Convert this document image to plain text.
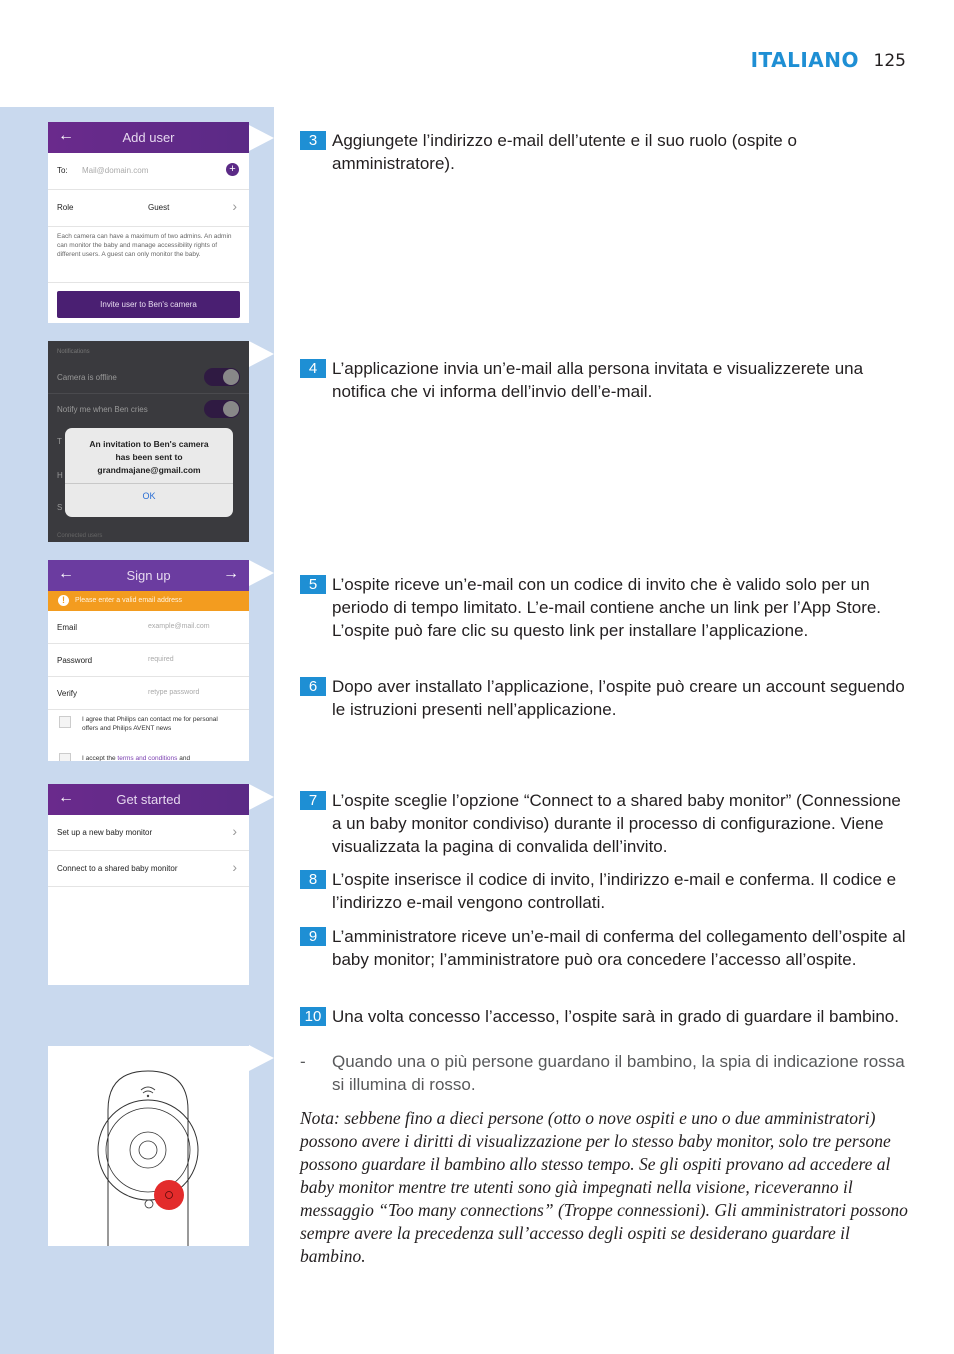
ITALIANO 125
←	Add user
To: Mail@domain.com	+
Role	Guest	›
Each camera can have a maximum of two admins. An admin can monitor the baby and manage accessibility rights of different users. A guest can only monitor the baby.
Invite user to Ben's camera
Notifications
Camera is offline
Notify me when Ben cries
T
H
S
Connected users
An invitation to Ben's camera
has been sent to
grandmajane@gmail.com
OK
←	Sign up	→
!	Please enter a valid email address
Email	example@mail.com
Password	required
Verify	retype password
I agree that Philips can contact me for personal offers and Philips AVENT news
I accept the terms and conditions and
←	Get started
Set up a new baby monitor	›
Connect to a shared baby monitor	›
3 Aggiungete l’indirizzo e-mail dell’utente e il suo ruolo (ospite o amministratore).
4 L’applicazione invia un’e-mail alla persona invitata e visualizzerete una notifica che vi informa dell’invio dell’e-mail.
5 L’ospite riceve un’e-mail con un codice di invito che è valido solo per un periodo di tempo limitato. L’e-mail contiene anche un link per l’App Store. L’ospite può fare clic su questo link per installare l’applicazione.
6 Dopo aver installato l’applicazione, l’ospite può creare un account seguendo le istruzioni presenti nell’applicazione.
7 L’ospite sceglie l’opzione “Connect to a shared baby monitor” (Connessione a un baby monitor condiviso) durante il processo di configurazione. Viene visualizzata la pagina di convalida dell’invito.
8 L’ospite inserisce il codice di invito, l’indirizzo e-mail e conferma. Il codice e l’indirizzo e-mail vengono controllati.
9 L’amministratore riceve un’e-mail di conferma del collegamento dell’ospite al baby monitor; l’amministratore può ora concedere l’accesso all’ospite.
10 Una volta concesso l’accesso, l’ospite sarà in grado di guardare il bambino.
- Quando una o più persone guardano il bambino, la spia di indicazione rossa si illumina di rosso.
Nota: sebbene fino a dieci persone (otto o nove ospiti e uno o due amministratori) possono avere i diritti di visualizzazione per lo stesso baby monitor, solo tre persone possono guardare il bambino allo stesso tempo. Se gli ospiti provano ad accedere al baby monitor mentre tre utenti sono già impegnati nella visione, riceveranno il messaggio “Too many connections” (Troppe connessioni). Gli amministratori possono sempre avere la precedenza sull’accesso degli ospiti se desiderano guardare il bambino.
